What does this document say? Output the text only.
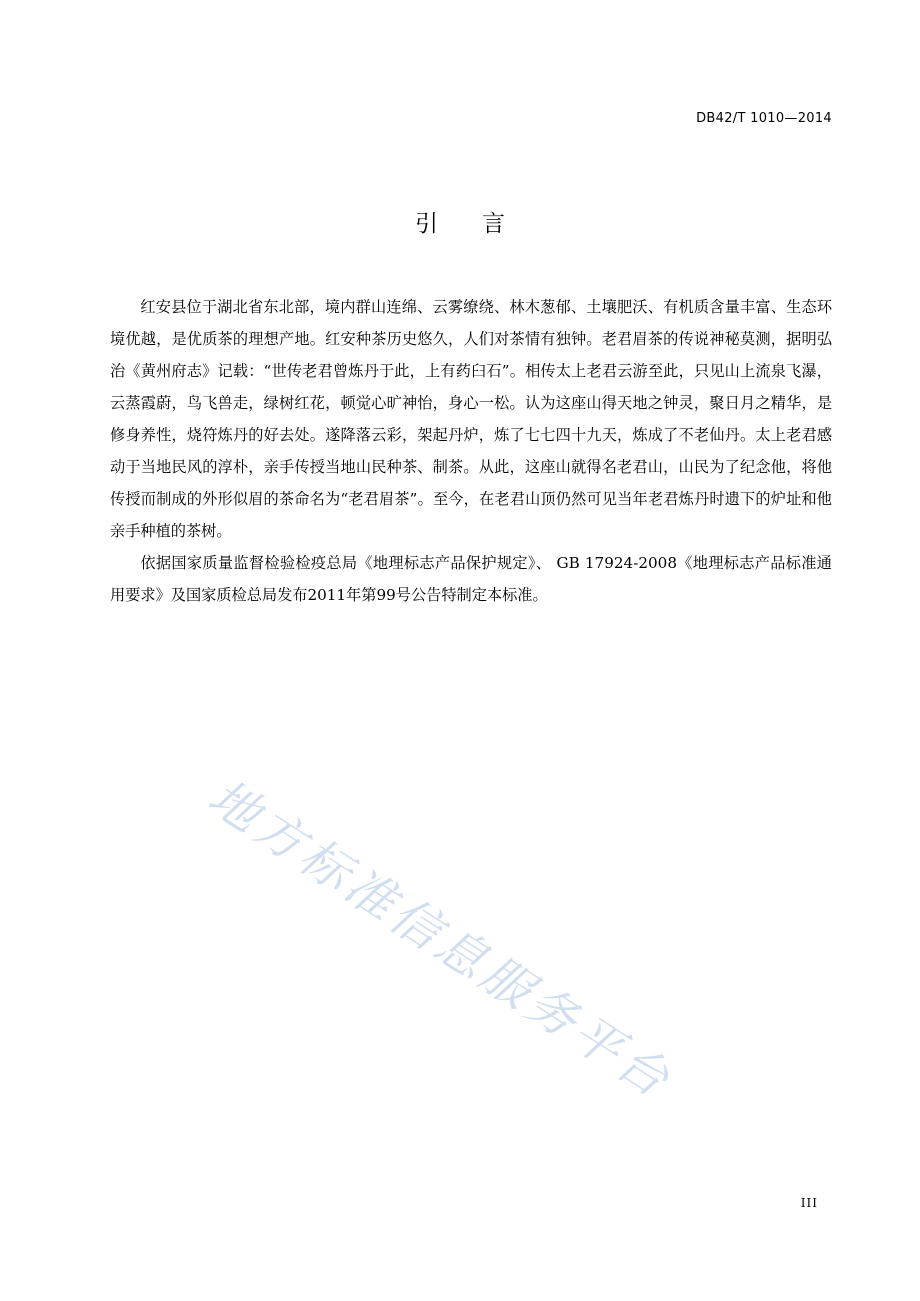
DB42/T 1010—2014
引言

红安县位于湖北省东北部，境内群山连绵、云雾缭绕、林木葱郁、土壤肥沃、有机质含量丰富、生态环境优越，是优质茶的理想产地。红安种茶历史悠久，人们对茶情有独钟。老君眉茶的传说神秘莫测，据明弘治《黄州府志》记载：“世传老君曾炼丹于此，上有药臼石”。相传太上老君云游至此，只见山上流泉飞瀑，云蒸霞蔚，鸟飞兽走，绿树红花，顿觉心旷神怡，身心一松。认为这座山得天地之钟灵，聚日月之精华，是修身养性，烧符炼丹的好去处。遂降落云彩，架起丹炉，炼了七七四十九天，炼成了不老仙丹。太上老君感动于当地民风的淳朴，亲手传授当地山民种茶、制茶。从此，这座山就得名老君山，山民为了纪念他，将他传授而制成的外形似眉的茶命名为“老君眉茶”。至今，在老君山顶仍然可见当年老君炼丹时遗下的炉址和他亲手种植的茶树。

依据国家质量监督检验检疫总局《地理标志产品保护规定》、 GB 17924-2008《地理标志产品标准通用要求》及国家质检总局发布2011年第99号公告特制定本标准。

地方标准信息服务平台
III
